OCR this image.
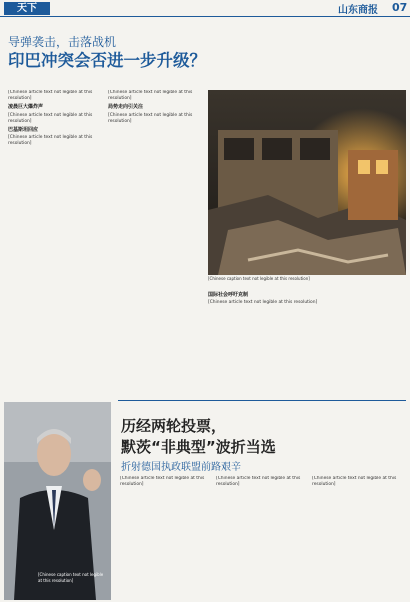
天下	山东商报 07
导弹袭击，击落战机
印巴冲突会否进一步升级？

[Chinese article text not legible at this resolution]

凌晨巨大爆炸声

[Chinese article text not legible at this resolution]

巴基斯坦回应

[Chinese article text not legible at this resolution]

[Chinese article text not legible at this resolution]

局势走向引关注

[Chinese article text not legible at this resolution]

[Chinese caption text not legible at this resolution]
国际社会呼吁克制

[Chinese article text not legible at this resolution]

[Chinese caption text not legible at this resolution]
历经两轮投票，
默茨“非典型”波折当选
折射德国执政联盟前路艰辛

[Chinese article text not legible at this resolution]

[Chinese article text not legible at this resolution]

[Chinese article text not legible at this resolution]
